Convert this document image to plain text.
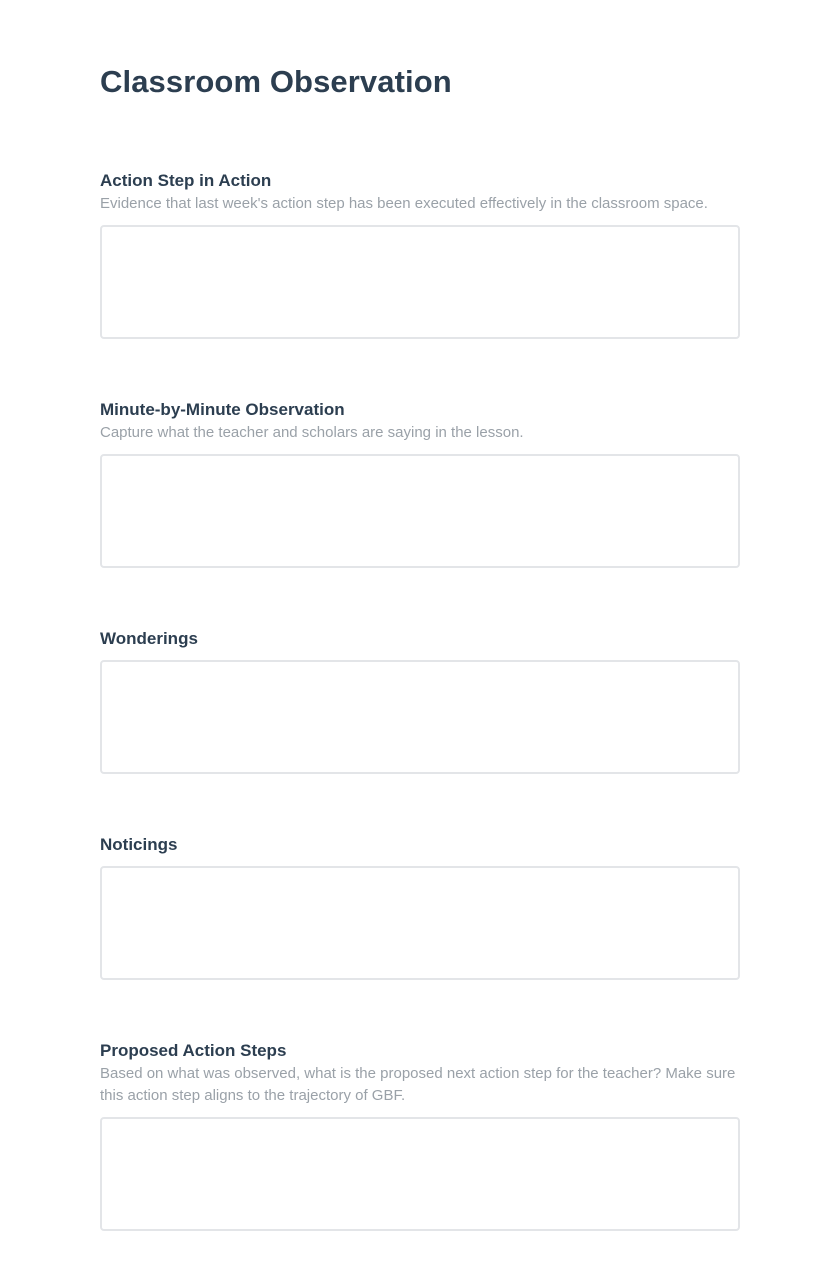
Classroom Observation
Action Step in Action
Evidence that last week's action step has been executed effectively in the classroom space.
Minute-by-Minute Observation
Capture what the teacher and scholars are saying in the lesson.
Wonderings
Noticings
Proposed Action Steps
Based on what was observed, what is the proposed next action step for the teacher? Make sure this action step aligns to the trajectory of GBF.
